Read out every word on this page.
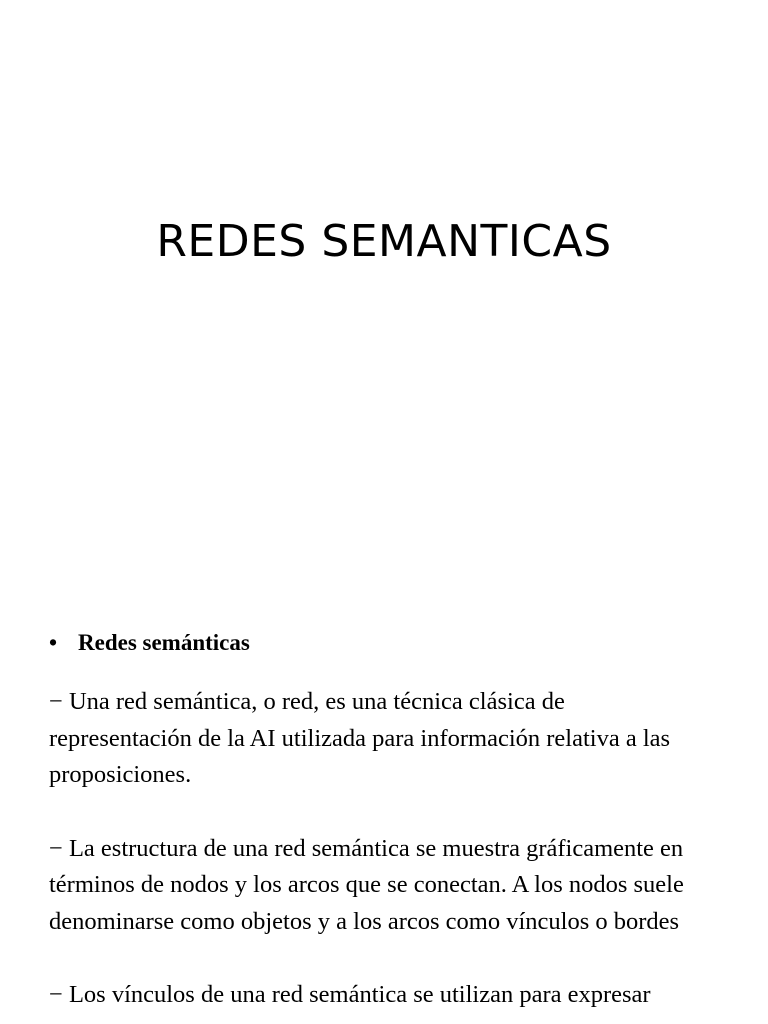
REDES SEMANTICAS
• Redes semánticas

− Una red semántica, o red, es una técnica clásica de
representación de la AI utilizada para información relativa a las
proposiciones.

− La estructura de una red semántica se muestra gráficamente en
términos de nodos y los arcos que se conectan. A los nodos suele
denominarse como objetos y a los arcos como vínculos o bordes

− Los vínculos de una red semántica se utilizan para expresar
